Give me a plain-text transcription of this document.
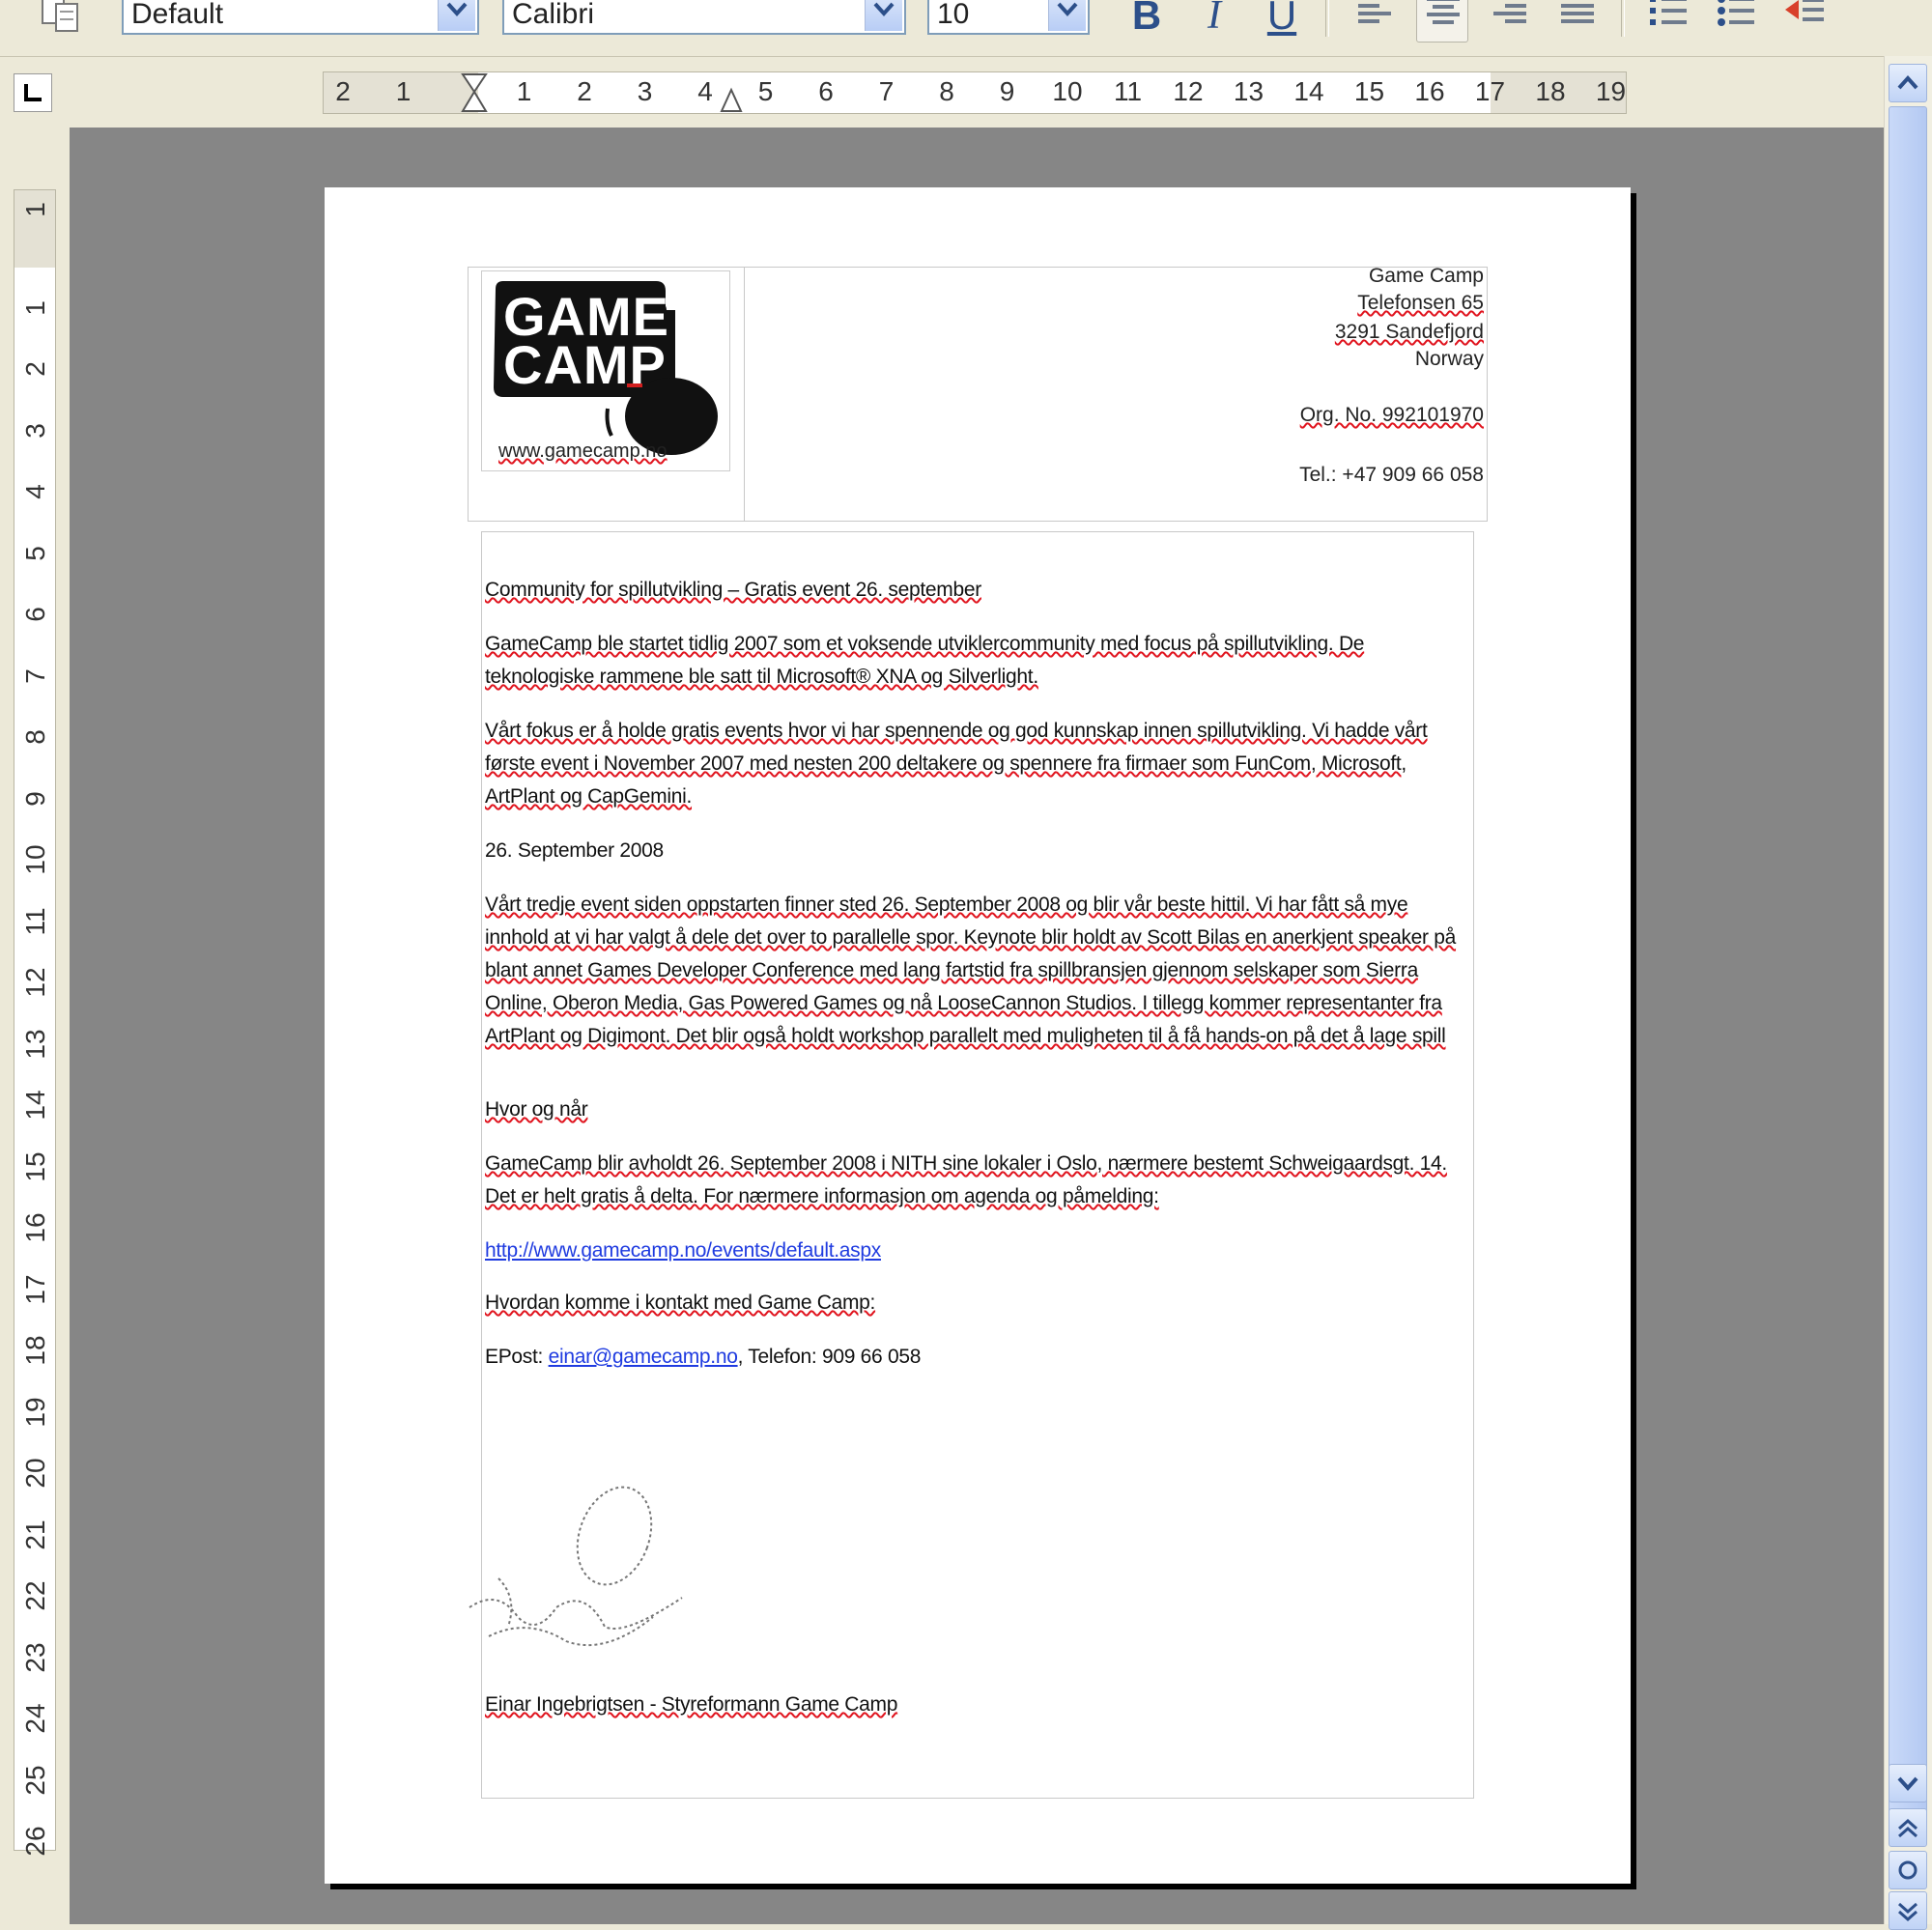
Default	Calibri	10	B	I	U
2 1	1 2 3 4 5 6 7 8 9 10 11 12 13 14 15 16 17 18 19
1
1
2
3
4
5
6
7
8
9
10
11
12
13
14
15
16
17
18
19
20
21
22
23
24
25
26
GAME
CAMP
www.gamecamp.no
Game Camp
Telefonsen 65
3291 Sandefjord
Norway
Org. No. 992101970
Tel.: +47 909 66 058
Community for spillutvikling – Gratis event 26. september
GameCamp ble startet tidlig 2007 som et voksende utviklercommunity med focus på spillutvikling. De teknologiske rammene ble satt til Microsoft® XNA og Silverlight.
Vårt fokus er å holde gratis events hvor vi har spennende og god kunnskap innen spillutvikling. Vi hadde vårt første event i November 2007 med nesten 200 deltakere og spennere fra firmaer som FunCom, Microsoft, ArtPlant og CapGemini.
26. September 2008
Vårt tredje event siden oppstarten finner sted 26. September 2008 og blir vår beste hittil. Vi har fått så mye innhold at vi har valgt å dele det over to parallelle spor. Keynote blir holdt av Scott Bilas en anerkjent speaker på blant annet Games Developer Conference med lang fartstid fra spillbransjen gjennom selskaper som Sierra Online, Oberon Media, Gas Powered Games og nå LooseCannon Studios. I tillegg kommer representanter fra ArtPlant og Digimont. Det blir også holdt workshop parallelt med muligheten til å få hands-on på det å lage spill
Hvor og når
GameCamp blir avholdt 26. September 2008 i NITH sine lokaler i Oslo, nærmere bestemt Schweigaardsgt. 14. Det er helt gratis å delta. For nærmere informasjon om agenda og påmelding:
http://www.gamecamp.no/events/default.aspx
Hvordan komme i kontakt med Game Camp:
EPost: einar@gamecamp.no, Telefon: 909 66 058
Einar Ingebrigtsen - Styreformann Game Camp
